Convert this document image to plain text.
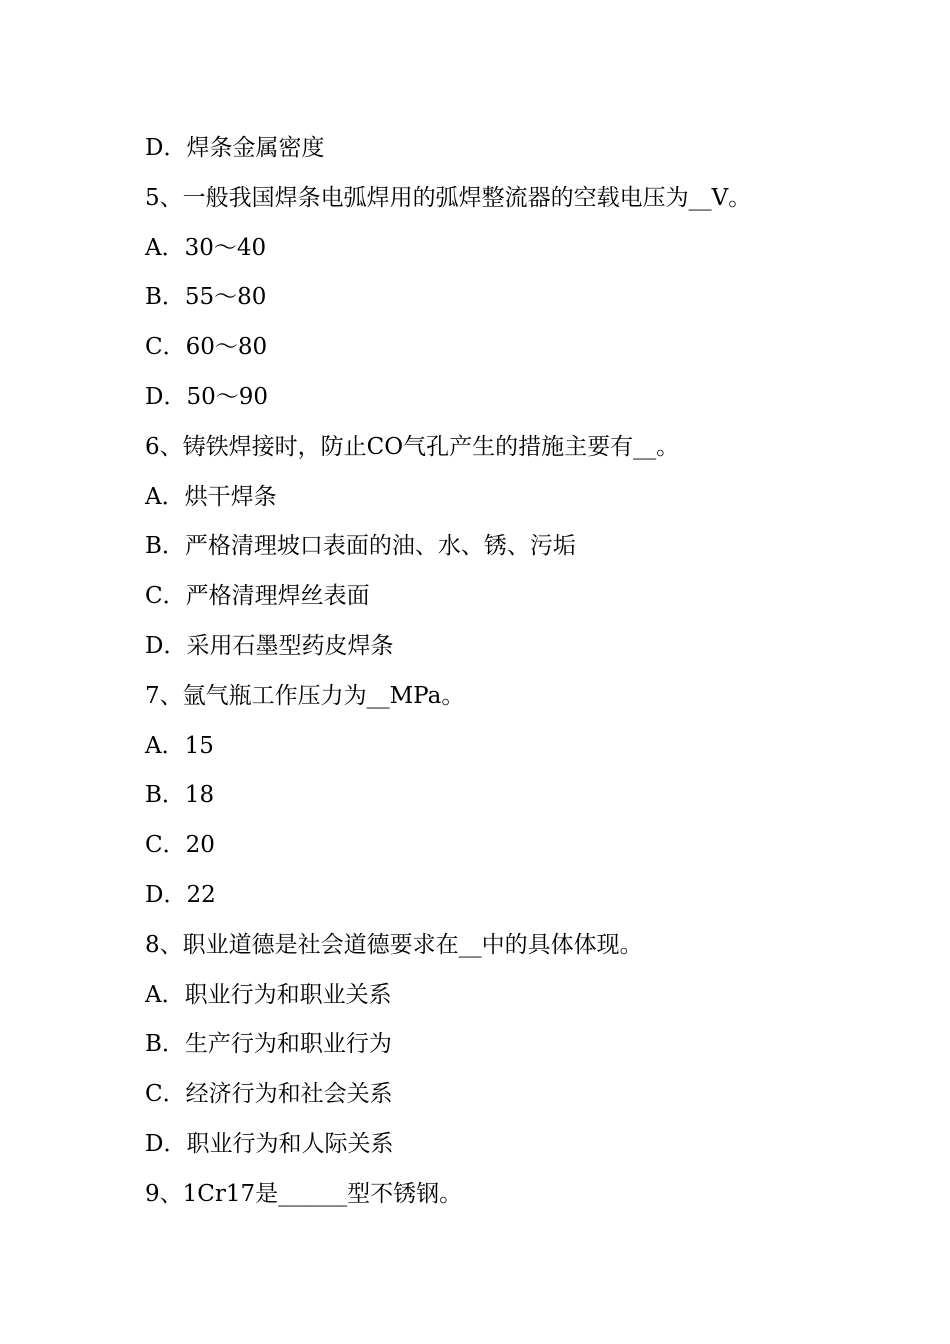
D．焊条金属密度
5、一般我国焊条电弧焊用的弧焊整流器的空载电压为__V。
A．30～40
B．55～80
C．60～80
D．50～90
6、铸铁焊接时，防止CO气孔产生的措施主要有__。
A．烘干焊条
B．严格清理坡口表面的油、水、锈、污垢
C．严格清理焊丝表面
D．采用石墨型药皮焊条
7、氩气瓶工作压力为__MPa。
A．15
B．18
C．20
D．22
8、职业道德是社会道德要求在__中的具体体现。
A．职业行为和职业关系
B．生产行为和职业行为
C．经济行为和社会关系
D．职业行为和人际关系
9、1Cr17是______型不锈钢。
